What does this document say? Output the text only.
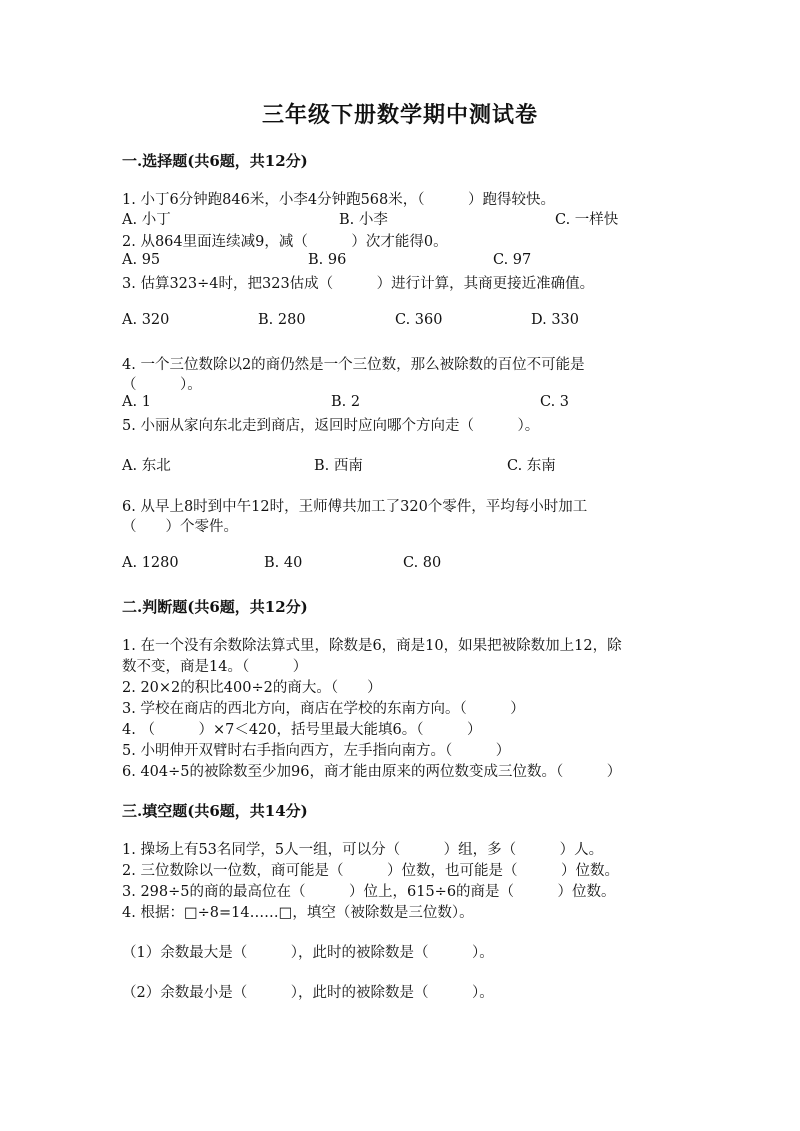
三年级下册数学期中测试卷
一.选择题(共6题，共12分)
1. 小丁6分钟跑846米，小李4分钟跑568米，（　　　）跑得较快。
A. 小丁	B. 小李	C. 一样快
2. 从864里面连续减9，减（　　　）次才能得0。
A. 95	B. 96	C. 97
3. 估算323÷4时，把323估成（　　　）进行计算，其商更接近准确值。
A. 320	B. 280	C. 360	D. 330
4. 一个三位数除以2的商仍然是一个三位数，那么被除数的百位不可能是
（　　　）。
A. 1	B. 2	C. 3
5. 小丽从家向东北走到商店，返回时应向哪个方向走（　　　）。
A. 东北	B. 西南	C. 东南
6. 从早上8时到中午12时，王师傅共加工了320个零件，平均每小时加工
（　　）个零件。
A. 1280	B. 40	C. 80
二.判断题(共6题，共12分)
1. 在一个没有余数除法算式里，除数是6，商是10，如果把被除数加上12，除
数不变，商是14。（　　　）
2. 20×2的积比400÷2的商大。（　　）
3. 学校在商店的西北方向，商店在学校的东南方向。（　　　）
4. （　　　）×7＜420，括号里最大能填6。（　　　）
5. 小明伸开双臂时右手指向西方，左手指向南方。（　　　）
6. 404÷5的被除数至少加96，商才能由原来的两位数变成三位数。（　　　）
三.填空题(共6题，共14分)
1. 操场上有53名同学，5人一组，可以分（　　　）组，多（　　　）人。
2. 三位数除以一位数，商可能是（　　　）位数，也可能是（　　　）位数。
3. 298÷5的商的最高位在（　　　）位上，615÷6的商是（　　　）位数。
4. 根据：□÷8=14……□，填空（被除数是三位数）。
（1）余数最大是（　　　），此时的被除数是（　　　）。
（2）余数最小是（　　　），此时的被除数是（　　　）。
